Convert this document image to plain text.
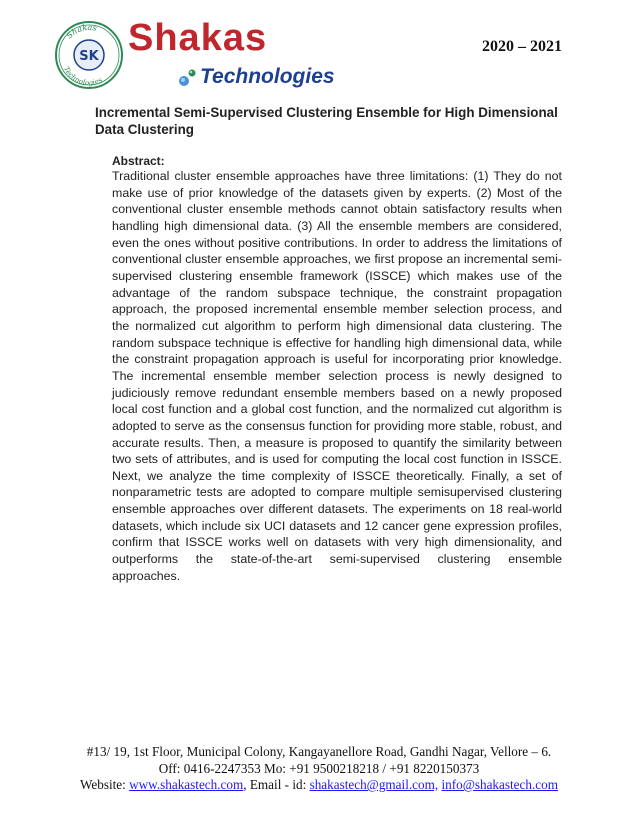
Shakas
Technologies
SK Shakas
Technologies
2020 – 2021
Incremental Semi-Supervised Clustering Ensemble for High Dimensional Data Clustering
Abstract:

Traditional cluster ensemble approaches have three limitations: (1) They do not make use of prior knowledge of the datasets given by experts. (2) Most of the conventional cluster ensemble methods cannot obtain satisfactory results when handling high dimensional data. (3) All the ensemble members are considered, even the ones without positive contributions. In order to address the limitations of conventional cluster ensemble approaches, we first propose an incremental semi-supervised clustering ensemble framework (ISSCE) which makes use of the advantage of the random subspace technique, the constraint propagation approach, the proposed incremental ensemble member selection process, and the normalized cut algorithm to perform high dimensional data clustering. The random subspace technique is effective for handling high dimensional data, while the constraint propagation approach is useful for incorporating prior knowledge. The incremental ensemble member selection process is newly designed to judiciously remove redundant ensemble members based on a newly proposed local cost function and a global cost function, and the normalized cut algorithm is adopted to serve as the consensus function for providing more stable, robust, and accurate results. Then, a measure is proposed to quantify the similarity between two sets of attributes, and is used for computing the local cost function in ISSCE. Next, we analyze the time complexity of ISSCE theoretically. Finally, a set of nonparametric tests are adopted to compare multiple semisupervised clustering ensemble approaches over different datasets. The experiments on 18 real-world datasets, which include six UCI datasets and 12 cancer gene expression profiles, confirm that ISSCE works well on datasets with very high dimensionality, and outperforms the state-of-the-art semi-supervised clustering ensemble approaches.

#13/ 19, 1st Floor, Municipal Colony, Kangayanellore Road, Gandhi Nagar, Vellore – 6.
Off: 0416-2247353 Mo: +91 9500218218 / +91 8220150373
Website: www.shakastech.com, Email - id: shakastech@gmail.com, info@shakastech.com
